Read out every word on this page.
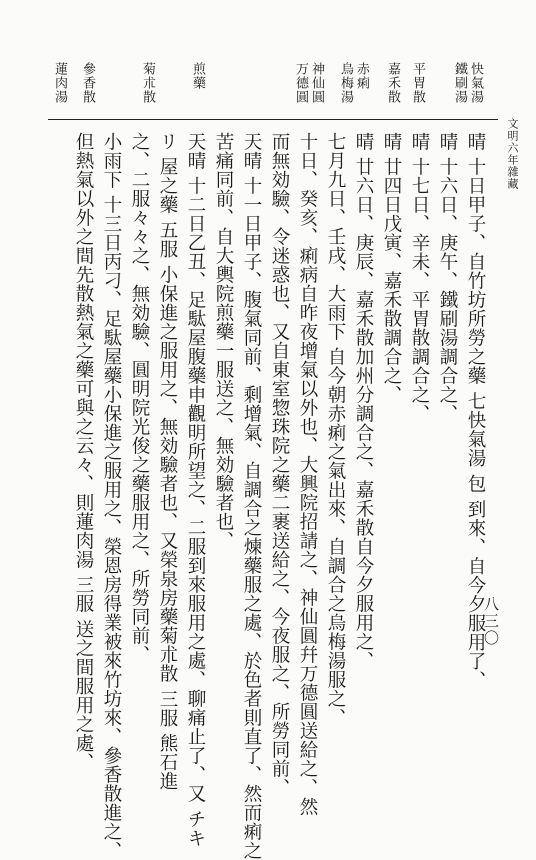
八三〇
文明六年雜藏
快氣湯
鐵刷湯
平胃散
嘉禾散
赤痢
烏梅湯
神仙圓
万德圓
煎藥
菊朮散
參香散
蓮肉湯
晴 十日甲子、自竹坊所勞之藥 七快氣湯 包 到來、自今夕服用了、
晴 十六日、庚午、鐵刷湯調合之、
晴 十七日、辛未、平胃散調合之、
晴 廿四日戊寅、嘉禾散調合之、
晴 廿六日、庚辰、嘉禾散加州分調合之、嘉禾散自今夕服用之、
七月九日、壬戌、大雨下 自今朝赤痢之氣出來、自調合之烏梅湯服之、
十日、癸亥、痢病自昨夜增氣以外也、大興院招請之、神仙圓幷万德圓送給之、然
而無効驗、令迷惑也、又自東室惣珠院之藥二裹送給之、今夜服之、所勞同前、
天晴 十一日甲子、腹氣同前、剩增氣、自調合之煉藥服之處、於色者則直了、然而痢之
苦痛同前、自大輿院煎藥一服送之、無効驗者也、
天晴 十二日乙丑、足駄屋腹藥申觀明所望之、二服到來服用之處、聊痛止了、又 チキ
リ 屋之藥 五服 小保進之服用之、無効驗者也、又榮泉房藥菊朮散 三服 熊石進
之、二服々々之、無効驗、圓明院光俊之藥服用之、所勞同前、
小雨下 十三日丙刁、足駄屋藥小保進之服用之、榮恩房得業被來竹坊來、參香散進之、
但熱氣以外之間先散熱氣之藥可與之云々、則蓮肉湯 三服 送之間服用之處、
